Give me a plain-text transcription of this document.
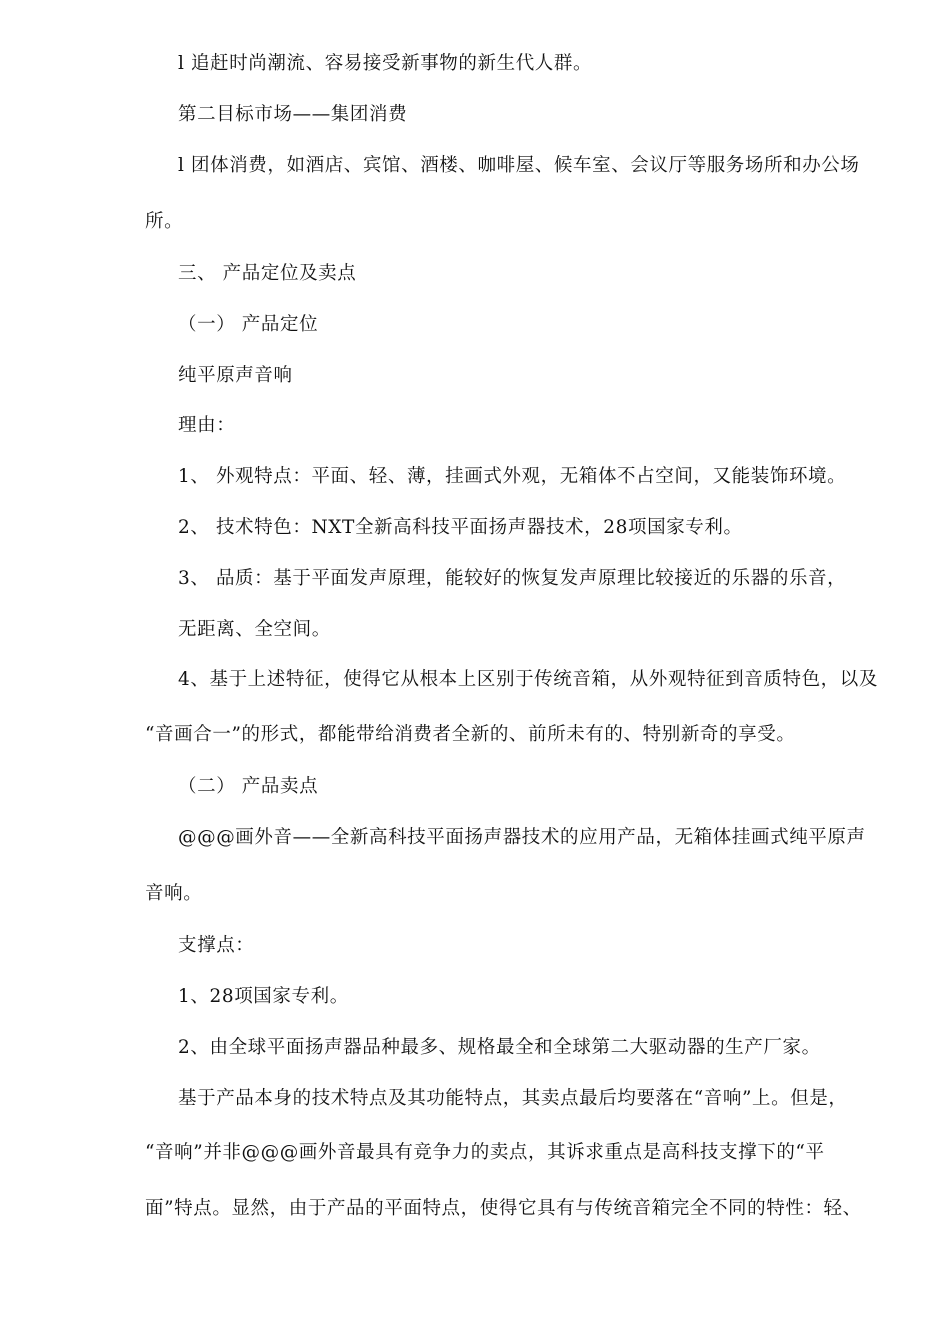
l 追赶时尚潮流、容易接受新事物的新生代人群。
第二目标市场——集团消费
l 团体消费，如酒店、宾馆、酒楼、咖啡屋、候车室、会议厅等服务场所和办公场
所。
三、 产品定位及卖点
（一） 产品定位
纯平原声音响
理由：
1、 外观特点：平面、轻、薄，挂画式外观，无箱体不占空间，又能装饰环境。
2、 技术特色：NXT全新高科技平面扬声器技术，28项国家专利。
3、 品质：基于平面发声原理，能较好的恢复发声原理比较接近的乐器的乐音，
无距离、全空间。
4、基于上述特征，使得它从根本上区别于传统音箱，从外观特征到音质特色，以及
“音画合一”的形式，都能带给消费者全新的、前所未有的、特别新奇的享受。
（二） 产品卖点
@@@画外音——全新高科技平面扬声器技术的应用产品，无箱体挂画式纯平原声
音响。
支撑点：
1、28项国家专利。
2、由全球平面扬声器品种最多、规格最全和全球第二大驱动器的生产厂家。
基于产品本身的技术特点及其功能特点，其卖点最后均要落在“音响”上。但是，
“音响”并非@@@画外音最具有竞争力的卖点，其诉求重点是高科技支撑下的“平
面”特点。显然，由于产品的平面特点，使得它具有与传统音箱完全不同的特性：轻、
